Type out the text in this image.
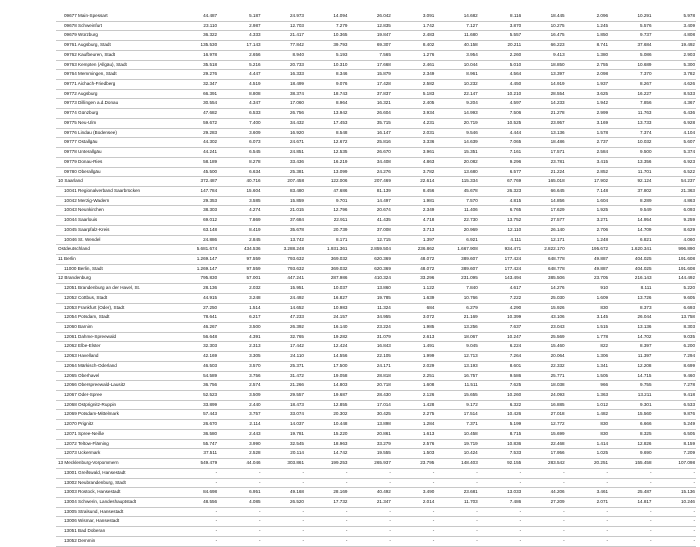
09677 Main-Spessart	44.487	5.187	24.973	14.094	26.042	3.091	14.682	8.116	18.445	2.096	10.291	5.978
09678 Schweinfurt	23.110	2.987	12.703	7.279	12.835	1.742	7.127	3.870	10.275	1.245	5.576	3.409
09679 Würzburg	36.322	4.333	21.417	10.365	19.847	2.483	11.680	5.557	16.475	1.850	9.737	4.808
09761 Augsburg, Stadt	135.530	17.143	77.842	39.793	69.307	8.402	40.158	20.211	66.223	8.741	37.684	19.492
09762 Kaufbeuren, Stadt	16.978	2.656	8.940	5.193	7.565	1.276	3.954	2.260	9.413	1.380	5.086	2.903
09763 Kempten (Allgäu), Stadt	35.518	5.216	20.733	10.310	17.668	2.461	10.044	5.010	18.850	2.755	10.689	5.300
09764 Memmingen, Stadt	29.276	4.447	16.333	8.346	15.879	2.349	8.961	4.564	13.397	2.098	7.370	3.782
09771 Aichach-Friedberg	32.347	4.519	18.499	9.076	17.428	2.582	10.232	4.450	14.919	1.937	8.267	4.626
09772 Augsburg	66.391	8.808	38.374	18.743	37.837	5.183	22.147	10.210	28.554	3.625	16.227	8.533
09773 Dillingen a.d.Donau	30.554	4.347	17.060	8.964	16.321	2.405	9.204	4.597	14.233	1.942	7.856	4.367
09774 Günzburg	47.682	6.533	26.756	13.942	26.604	3.934	14.993	7.506	21.278	2.999	11.763	6.436
09775 Neu-Ulm	59.672	7.400	34.432	17.453	35.715	4.231	20.719	10.525	23.957	3.169	13.733	6.928
09776 Lindau (Bodensee)	29.283	3.609	16.920	8.548	16.147	2.031	9.546	4.444	13.136	1.578	7.374	4.104
09777 Ostallgäu	44.302	6.073	24.671	12.672	25.816	3.336	14.639	7.065	18.486	2.737	10.032	5.607
09778 Unterallgäu	44.241	6.545	24.851	12.535	26.670	3.961	15.351	7.161	17.571	2.584	9.500	5.374
09779 Donau-Ries	58.189	8.278	33.436	16.219	34.408	4.863	20.082	9.296	23.781	3.415	13.356	6.923
09780 Oberallgäu	45.500	6.634	25.381	13.099	24.276	3.782	13.680	6.577	21.224	2.852	11.701	6.522
10 Saarland	372.487	40.716	207.458	122.006	207.469	22.614	115.334	67.769	165.018	17.902	92.124	54.237
10041 Regionalverband Saarbrücken	147.784	15.604	83.480	47.686	81.139	8.456	45.678	26.323	66.645	7.148	37.802	21.363
10042 Merzig-Wadern	29.353	3.585	15.859	9.701	14.497	1.981	7.570	4.815	14.856	1.604	8.289	4.863
10043 Neunkirchen	38.303	4.274	21.015	12.796	20.674	2.349	11.406	6.765	17.629	1.925	9.549	6.093
10044 Saarlouis	69.012	7.869	37.684	22.911	41.435	4.718	22.730	13.752	27.577	3.271	14.954	9.259
10045 Saarpfalz-Kreis	63.148	8.419	35.678	20.739	37.008	3.713	20.969	12.110	26.140	2.706	14.709	8.629
10046 St. Wendel	24.886	2.845	13.742	8.171	12.715	1.397	6.921	4.111	12.171	1.248	6.821	4.060
Ostdeutschland	5.681.674	434.536	3.288.248	1.931.361	2.859.504	236.862	1.667.908	934.471	2.822.170	195.672	1.620.341	996.890
11 Berlin	1.269.147	97.559	793.632	369.032	620.369	48.072	389.607	177.424	648.778	49.887	404.025	191.608
11000 Berlin, Stadt	1.269.147	97.559	793.632	369.032	620.369	48.072	389.607	177.424	648.778	49.887	404.025	191.608
12 Brandenburg	795.830	57.001	447.241	287.986	410.324	33.296	231.095	143.494	385.506	23.705	216.143	144.492
12051 Brandenburg an der Havel, St.	28.136	2.032	15.951	10.037	13.860	1.122	7.840	4.617	14.276	910	8.111	5.220
12052 Cottbus, Stadt	44.915	3.248	24.492	16.827	19.785	1.639	10.766	7.222	25.030	1.609	13.726	9.605
12053 Frankfurt (Oder), Stadt	27.250	1.514	14.652	10.983	11.324	684	6.279	4.290	15.926	830	8.373	6.693
12054 Potsdam, Stadt	78.641	6.217	47.233	24.157	34.955	3.072	21.169	10.399	43.106	3.145	26.044	13.758
12060 Barnim	46.267	3.500	26.392	16.140	23.224	1.985	13.256	7.637	23.043	1.515	13.136	8.303
12061 Dahme-Spreewald	56.648	4.391	32.765	19.282	31.079	2.613	18.067	10.247	25.569	1.778	14.702	9.035
12062 Elbe-Elster	32.303	2.313	17.442	12.424	16.843	1.491	9.045	6.224	15.460	822	8.397	6.200
12063 Havelland	42.169	3.305	24.110	14.556	22.105	1.999	12.713	7.264	20.064	1.306	11.397	7.294
12064 Märkisch-Oderland	46.503	3.570	25.371	17.500	24.171	2.029	13.193	8.601	22.332	1.341	12.208	8.699
12065 Oberhavel	54.589	3.756	31.472	19.058	28.818	2.251	16.757	9.586	25.771	1.505	14.715	9.460
12066 Oberspreewald-Lausitz	36.756	2.574	21.266	14.803	20.718	1.608	11.511	7.625	18.038	966	9.755	7.278
12067 Oder-Spree	52.523	3.509	29.557	19.687	28.430	2.126	15.655	10.260	24.093	1.363	13.211	9.418
12068 Ostprignitz-Ruppin	33.899	2.440	18.473	12.855	17.014	1.428	9.172	6.322	16.885	1.012	9.301	6.533
12069 Potsdam-Mittelmark	57.443	3.757	33.074	20.302	30.425	2.275	17.514	10.426	27.018	1.482	15.560	9.876
12070 Prignitz	26.670	2.114	14.037	10.448	13.898	1.284	7.371	5.199	12.772	830	6.666	5.249
12071 Spree-Neiße	36.580	2.443	19.781	15.220	20.861	1.613	10.458	8.715	15.699	830	8.325	6.505
12072 Teltow-Fläming	55.747	3.990	32.545	18.963	33.279	2.576	19.719	10.836	22.468	1.414	12.826	8.159
12073 Uckermark	37.511	2.528	20.114	14.742	19.555	1.503	10.424	7.533	17.956	1.025	9.690	7.209
13 Mecklenburg-Vorpommern	549.479	44.046	303.861	199.253	265.937	23.795	148.403	92.155	283.542	20.251	155.458	107.098
13001 Greifswald, Hansestadt	-	-	-	-	-	-	-	-	-	-	-	-
13002 Neubrandenburg, Stadt	-	-	-	-	-	-	-	-	-	-	-	-
13003 Rostock, Hansestadt	84.698	6.951	49.168	28.169	40.492	3.490	23.681	13.033	44.206	3.461	25.487	15.136
13004 Schwerin, Landeshauptstadt	48.556	4.085	26.520	17.732	21.347	2.014	11.703	7.486	27.209	2.071	14.817	10.246
13005 Stralsund, Hansestadt	-	-	-	-	-	-	-	-	-	-	-	-
13006 Wismar, Hansestadt	-	-	-	-	-	-	-	-	-	-	-	-
13051 Bad Doberan	-	-	-	-	-	-	-	-	-	-	-	-
13052 Demmin	-	-	-	-	-	-	-	-	-	-	-	-
